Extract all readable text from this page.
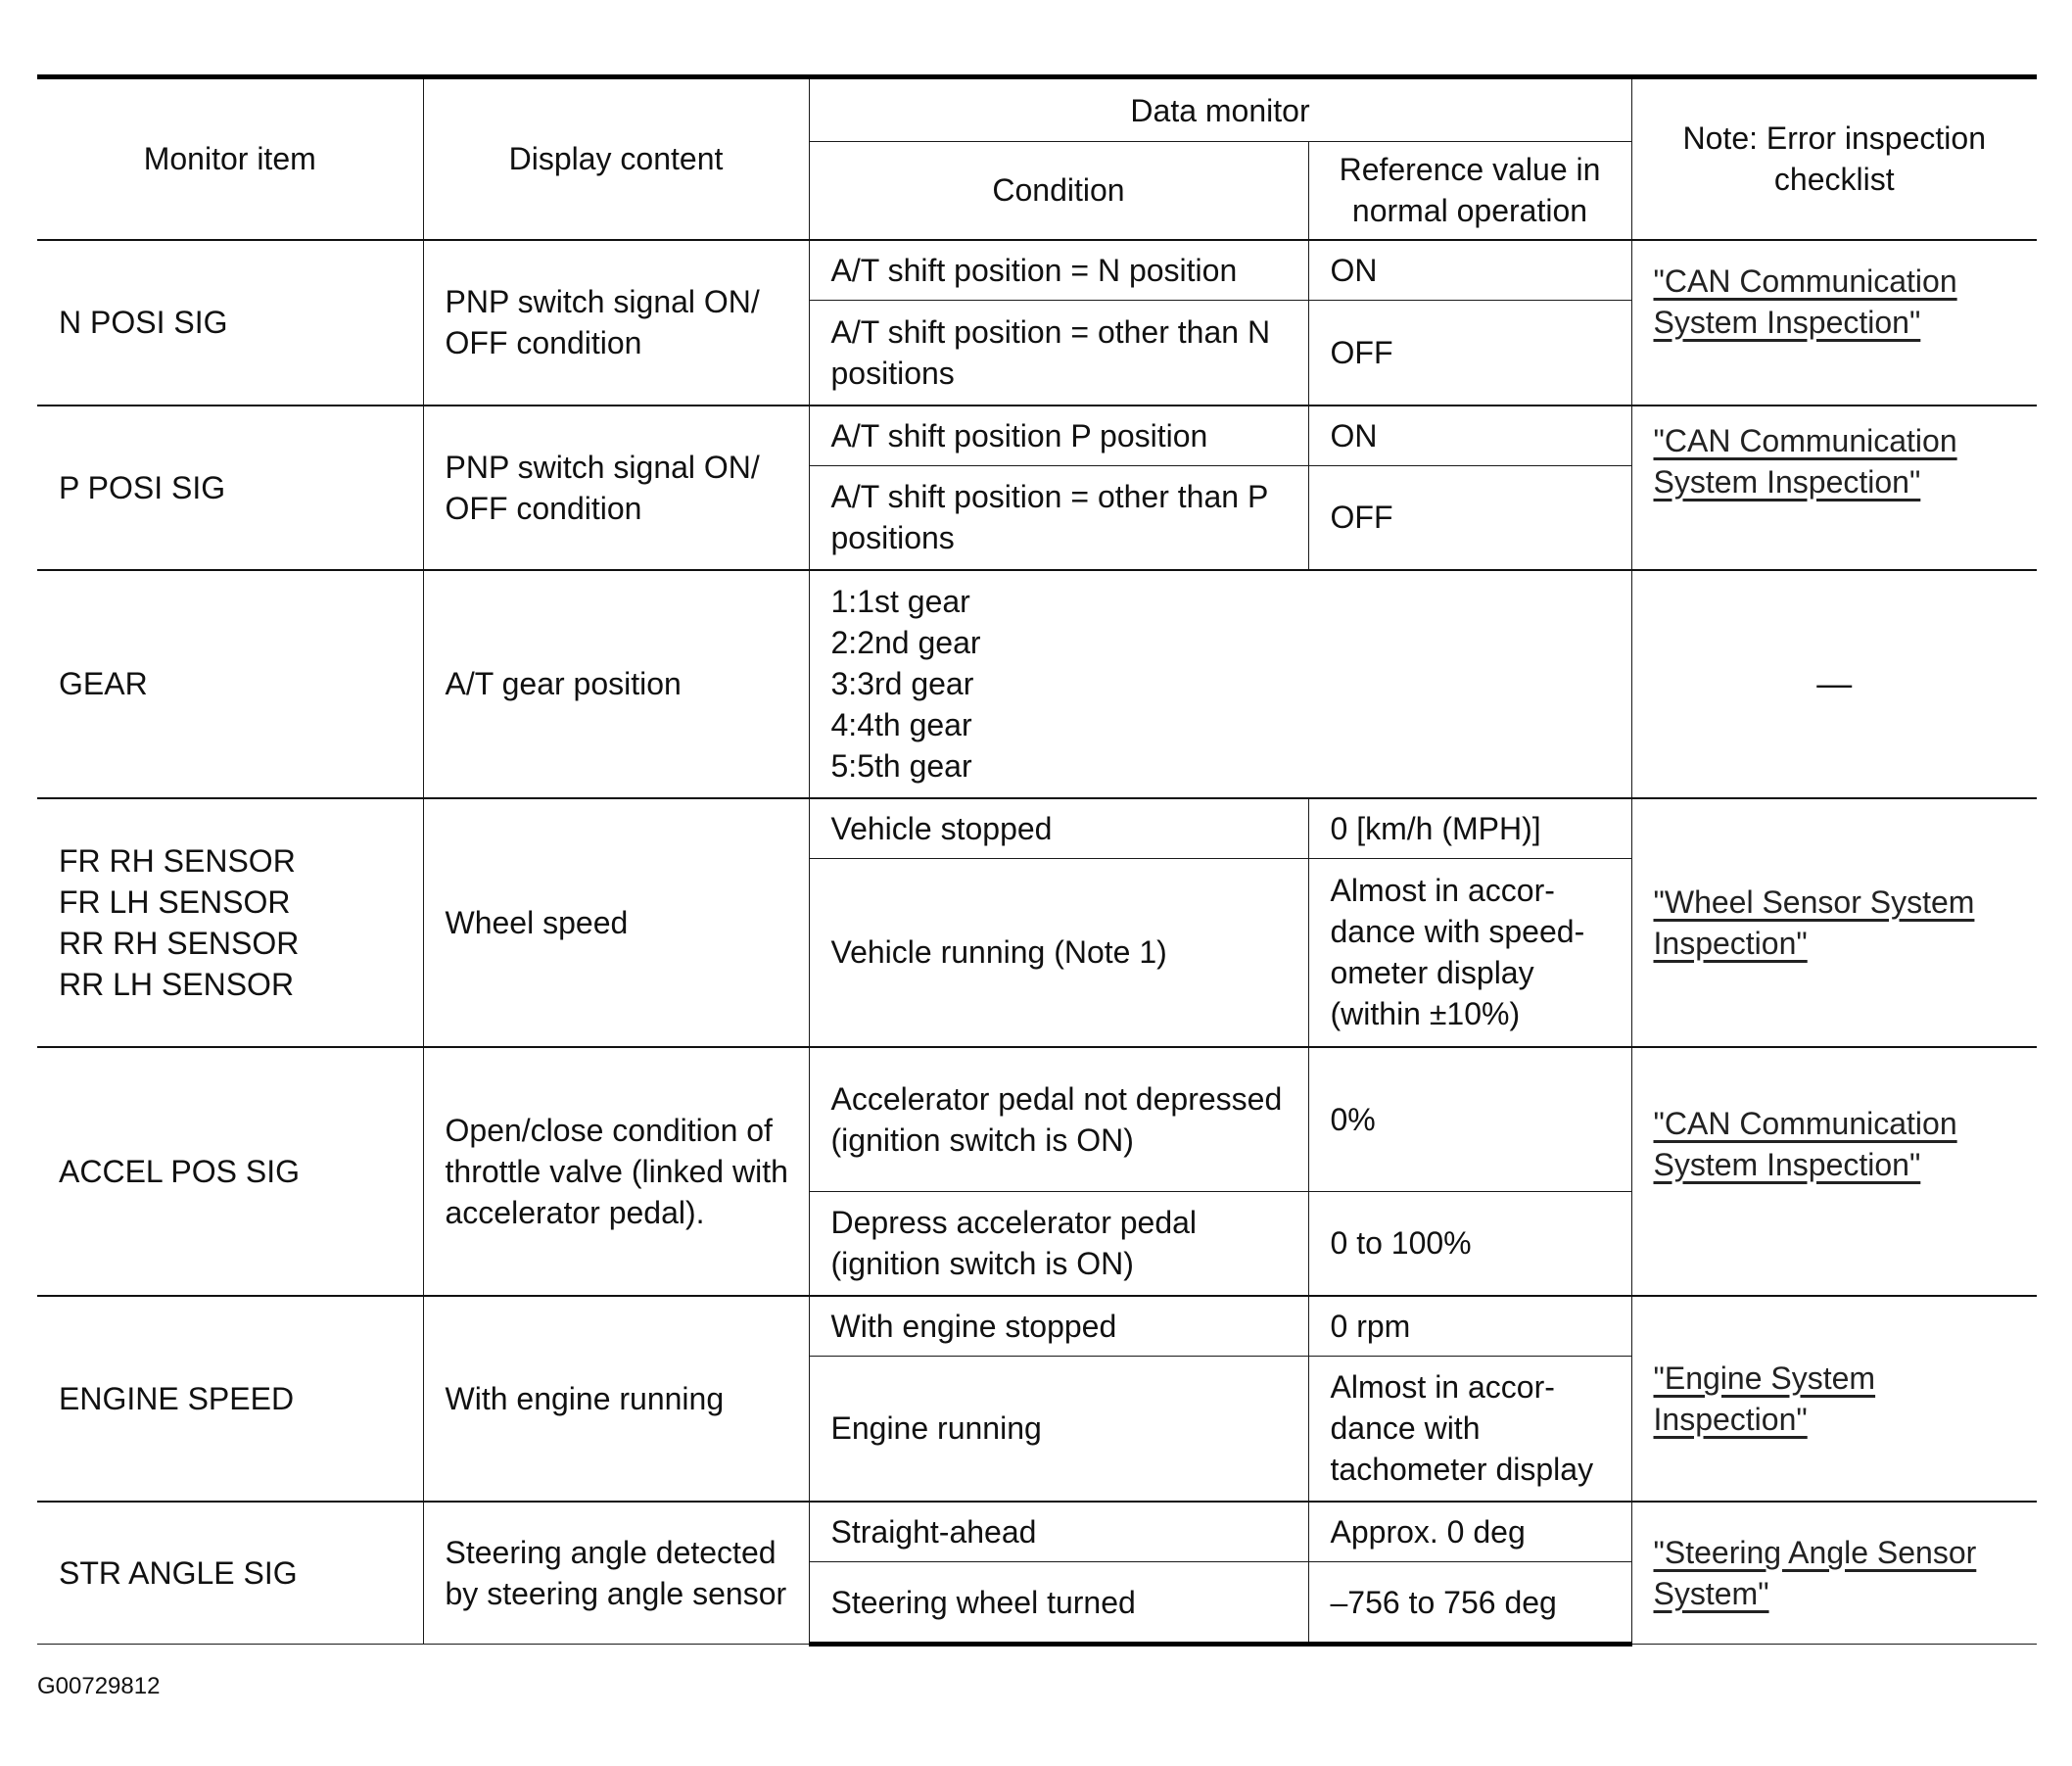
Monitor item	Display content	Data monitor		Note: Error inspection checklist
		Condition	Reference value in normal operation	
N POSI SIG	PNP switch signal ON/ OFF condition	A/T shift position = N position	ON	"CAN Communication System Inspection"

		A/T shift position = other than N positions	OFF	
P POSI SIG	PNP switch signal ON/ OFF condition	A/T shift position P position	ON	"CAN Communication System Inspection"

		A/T shift position = other than P positions	OFF	
GEAR	A/T gear position	1:1st gear
2:2nd gear
3:3rd gear
4:4th gear
5:5th gear		—

FR RH SENSOR
FR LH SENSOR
RR RH SENSOR
RR LH SENSOR	Wheel speed	Vehicle stopped	0 [km/h (MPH)]	"Wheel Sensor System Inspection"

		Vehicle running (Note 1)	Almost in accor-dance with speed-ometer display (within ±10%)	
ACCEL POS SIG	Open/close condition of throttle valve (linked with accelerator pedal).	Accelerator pedal not depressed (ignition switch is ON)	0%	"CAN Communication System Inspection"

		Depress accelerator pedal (ignition switch is ON)	0 to 100%	
ENGINE SPEED	With engine running	With engine stopped	0 rpm	"Engine System Inspection"

		Engine running	Almost in accor-dance with tachometer display	
STR ANGLE SIG	Steering angle detected by steering angle sensor	Straight-ahead	Approx. 0 deg	"Steering Angle Sensor System"

		Steering wheel turned	–756 to 756 deg	
G00729812
